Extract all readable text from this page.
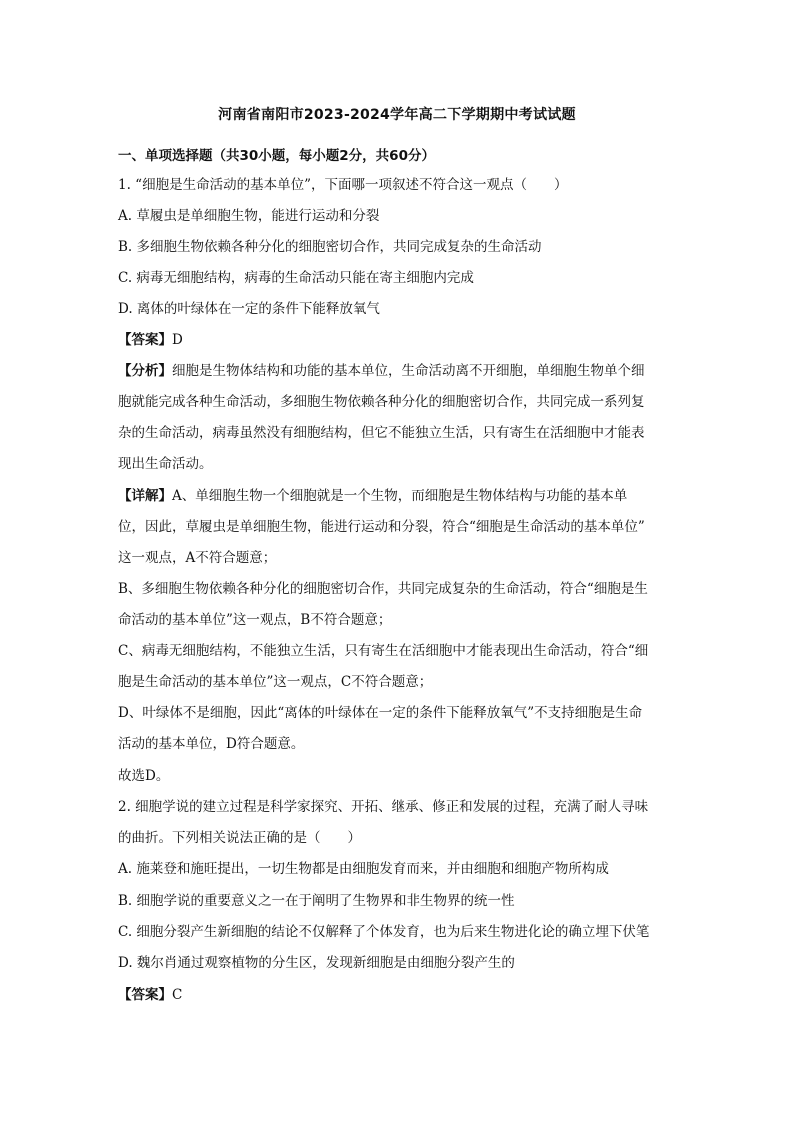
河南省南阳市2023-2024学年高二下学期期中考试试题
一、单项选择题（共30小题，每小题2分，共60分）
1. “细胞是生命活动的基本单位”，下面哪一项叙述不符合这一观点（　　）
A. 草履虫是单细胞生物，能进行运动和分裂
B. 多细胞生物依赖各种分化的细胞密切合作，共同完成复杂的生命活动
C. 病毒无细胞结构，病毒的生命活动只能在寄主细胞内完成
D. 离体的叶绿体在一定的条件下能释放氧气
【答案】D
【分析】细胞是生物体结构和功能的基本单位，生命活动离不开细胞，单细胞生物单个细
胞就能完成各种生命活动，多细胞生物依赖各种分化的细胞密切合作，共同完成一系列复
杂的生命活动，病毒虽然没有细胞结构，但它不能独立生活，只有寄生在活细胞中才能表
现出生命活动。
【详解】A、单细胞生物一个细胞就是一个生物，而细胞是生物体结构与功能的基本单
位，因此，草履虫是单细胞生物，能进行运动和分裂，符合“细胞是生命活动的基本单位”
这一观点，A不符合题意；
B、多细胞生物依赖各种分化的细胞密切合作，共同完成复杂的生命活动，符合“细胞是生
命活动的基本单位”这一观点，B不符合题意；
C、病毒无细胞结构，不能独立生活，只有寄生在活细胞中才能表现出生命活动，符合“细
胞是生命活动的基本单位”这一观点，C不符合题意；
D、叶绿体不是细胞，因此“离体的叶绿体在一定的条件下能释放氧气”不支持细胞是生命
活动的基本单位，D符合题意。
故选D。
2. 细胞学说的建立过程是科学家探究、开拓、继承、修正和发展的过程，充满了耐人寻味
的曲折。下列相关说法正确的是（　　）
A. 施莱登和施旺提出，一切生物都是由细胞发育而来，并由细胞和细胞产物所构成
B. 细胞学说的重要意义之一在于阐明了生物界和非生物界的统一性
C. 细胞分裂产生新细胞的结论不仅解释了个体发育，也为后来生物进化论的确立埋下伏笔
D. 魏尔肖通过观察植物的分生区，发现新细胞是由细胞分裂产生的
【答案】C
